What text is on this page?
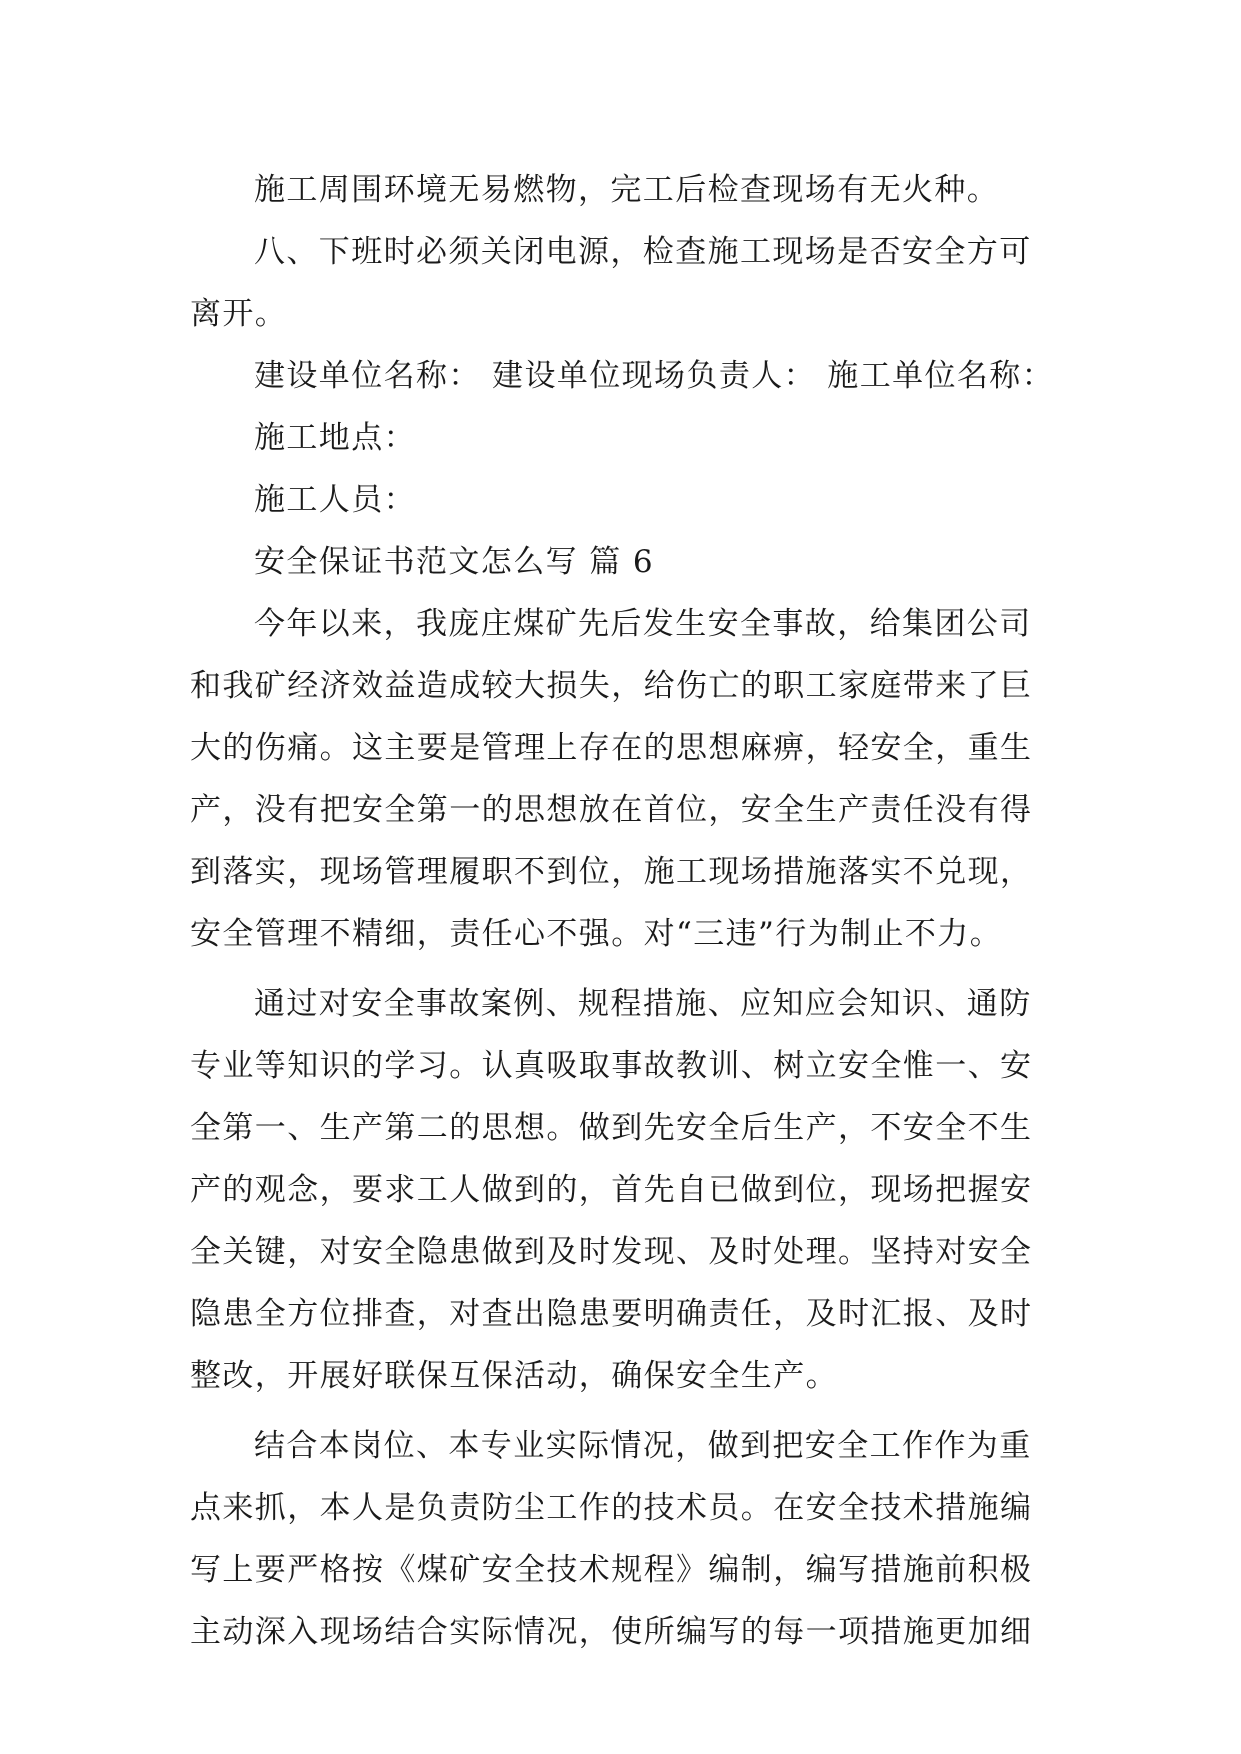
施工周围环境无易燃物，完工后检查现场有无火种。
八、下班时必须关闭电源，检查施工现场是否安全方可
离开。
建设单位名称： 建设单位现场负责人： 施工单位名称：
施工地点：
施工人员：
安全保证书范文怎么写 篇 6
今年以来，我庞庄煤矿先后发生安全事故，给集团公司
和我矿经济效益造成较大损失，给伤亡的职工家庭带来了巨
大的伤痛。这主要是管理上存在的思想麻痹，轻安全，重生
产，没有把安全第一的思想放在首位，安全生产责任没有得
到落实，现场管理履职不到位，施工现场措施落实不兑现，
安全管理不精细，责任心不强。对“三违”行为制止不力。
通过对安全事故案例、规程措施、应知应会知识、通防
专业等知识的学习。认真吸取事故教训、树立安全惟一、安
全第一、生产第二的思想。做到先安全后生产，不安全不生
产的观念，要求工人做到的，首先自已做到位，现场把握安
全关键，对安全隐患做到及时发现、及时处理。坚持对安全
隐患全方位排查，对查出隐患要明确责任，及时汇报、及时
整改，开展好联保互保活动，确保安全生产。
结合本岗位、本专业实际情况，做到把安全工作作为重
点来抓，本人是负责防尘工作的技术员。在安全技术措施编
写上要严格按《煤矿安全技术规程》编制，编写措施前积极
主动深入现场结合实际情况，使所编写的每一项措施更加细
